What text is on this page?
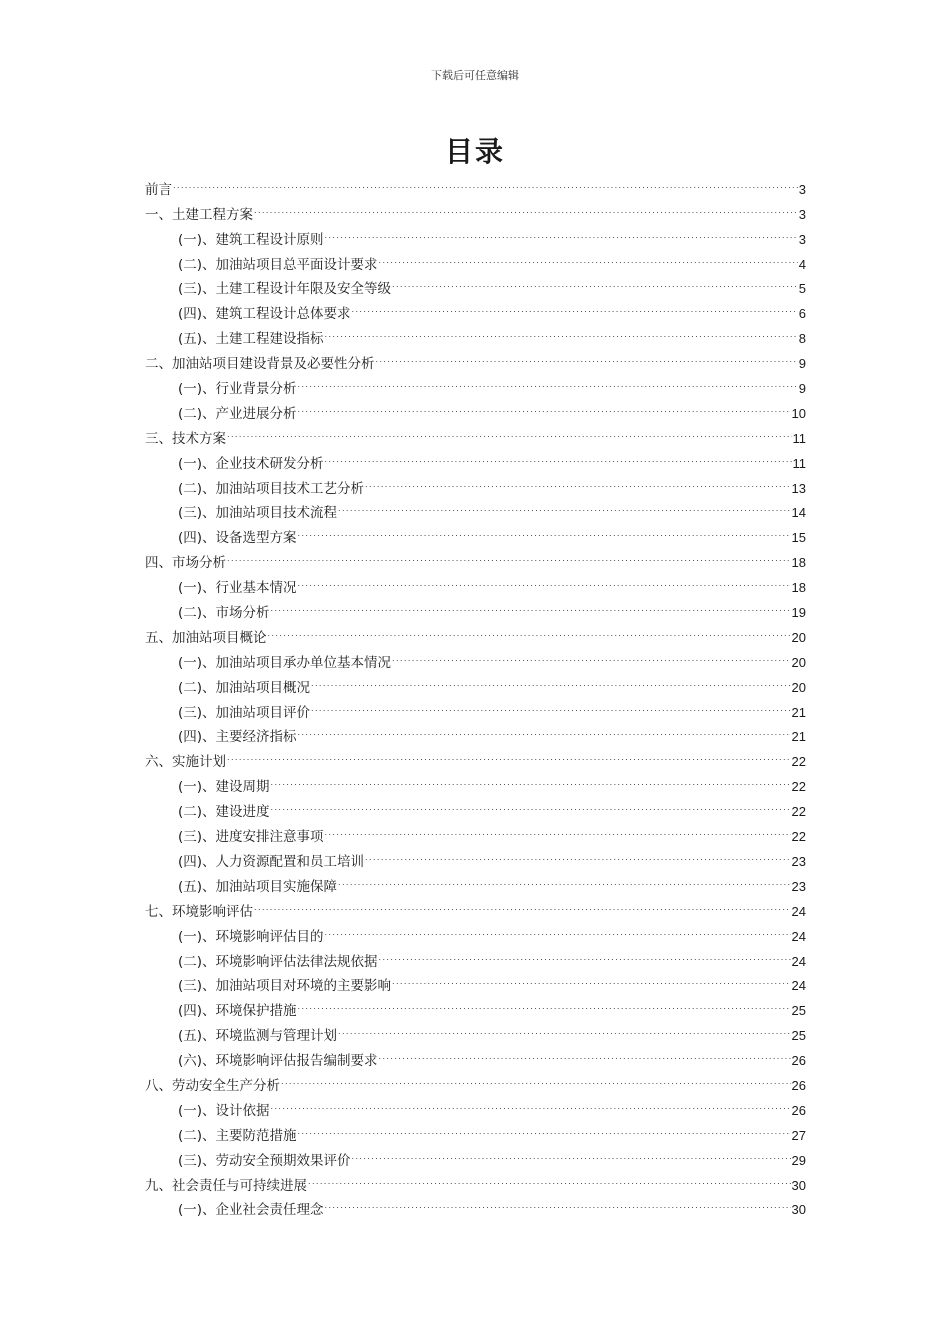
下载后可任意编辑
目录
前言 .....	3
一、土建工程方案 .....	3
(一)、建筑工程设计原则 .....	3
(二)、加油站项目总平面设计要求 .....	4
(三)、土建工程设计年限及安全等级 .....	5
(四)、建筑工程设计总体要求 .....	6
(五)、土建工程建设指标 .....	8
二、加油站项目建设背景及必要性分析 .....	9
(一)、行业背景分析 .....	9
(二)、产业进展分析 .....	10
三、技术方案 .....	11
(一)、企业技术研发分析 .....	11
(二)、加油站项目技术工艺分析 .....	13
(三)、加油站项目技术流程 .....	14
(四)、设备选型方案 .....	15
四、市场分析 .....	18
(一)、行业基本情况 .....	18
(二)、市场分析 .....	19
五、加油站项目概论 .....	20
(一)、加油站项目承办单位基本情况 .....	20
(二)、加油站项目概况 .....	20
(三)、加油站项目评价 .....	21
(四)、主要经济指标 .....	21
六、实施计划 .....	22
(一)、建设周期 .....	22
(二)、建设进度 .....	22
(三)、进度安排注意事项 .....	22
(四)、人力资源配置和员工培训 .....	23
(五)、加油站项目实施保障 .....	23
七、环境影响评估 .....	24
(一)、环境影响评估目的 .....	24
(二)、环境影响评估法律法规依据 .....	24
(三)、加油站项目对环境的主要影响 .....	24
(四)、环境保护措施 .....	25
(五)、环境监测与管理计划 .....	25
(六)、环境影响评估报告编制要求 .....	26
八、劳动安全生产分析 .....	26
(一)、设计依据 .....	26
(二)、主要防范措施 .....	27
(三)、劳动安全预期效果评价 .....	29
九、社会责任与可持续进展 .....	30
(一)、企业社会责任理念 .....	30
